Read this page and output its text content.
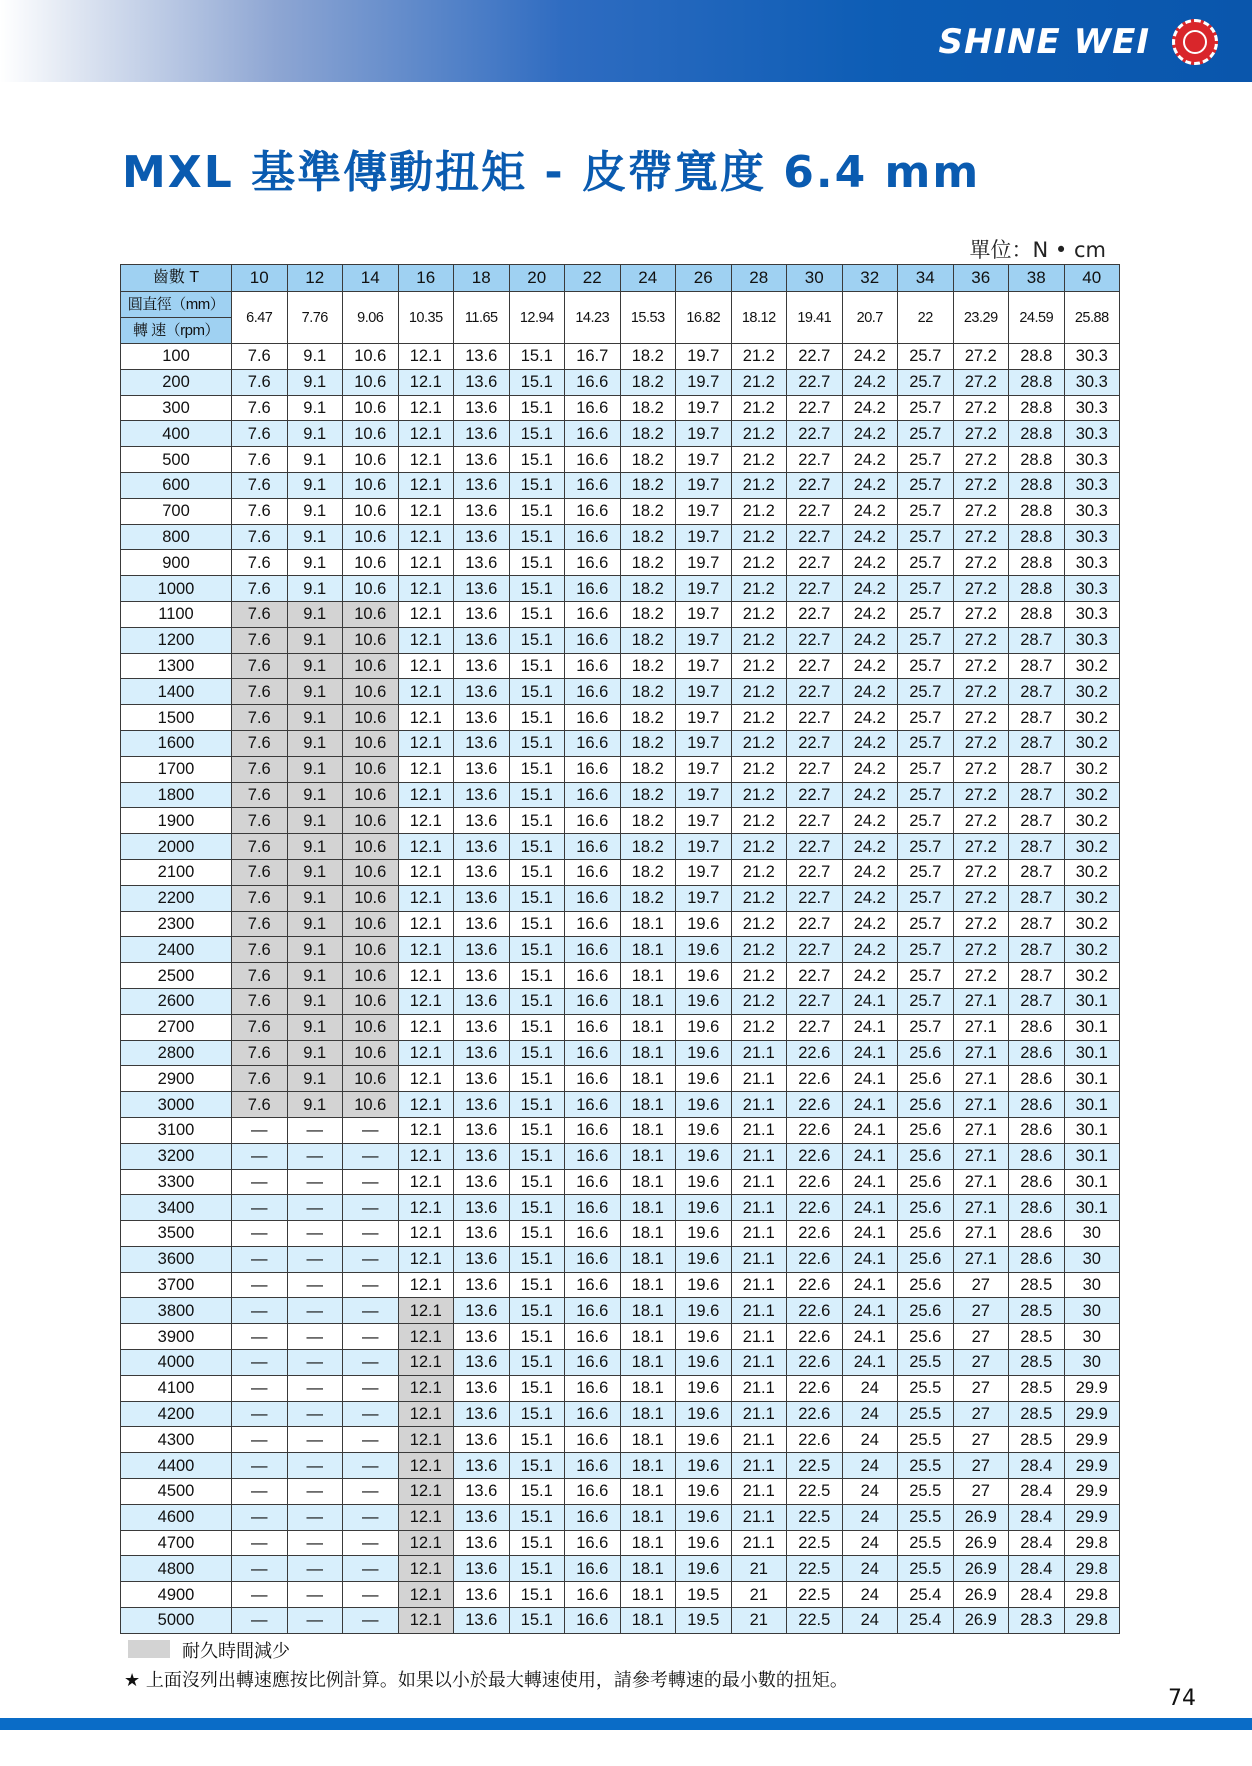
SHINE WEI
MXL 基準傳動扭矩 - 皮帶寬度 6.4 mm
單位：N • cm
齒數 T	10	12	14	16	18	20	22	24	26	28	30	32	34	36	38	40

圓直徑（mm）
轉 速（rpm）	6.47	7.76	9.06	10.35	11.65	12.94	14.23	15.53	16.82	18.12	19.41	20.7	22	23.29	24.59	25.88
100	7.6	9.1	10.6	12.1	13.6	15.1	16.7	18.2	19.7	21.2	22.7	24.2	25.7	27.2	28.8	30.3
200	7.6	9.1	10.6	12.1	13.6	15.1	16.6	18.2	19.7	21.2	22.7	24.2	25.7	27.2	28.8	30.3
300	7.6	9.1	10.6	12.1	13.6	15.1	16.6	18.2	19.7	21.2	22.7	24.2	25.7	27.2	28.8	30.3
400	7.6	9.1	10.6	12.1	13.6	15.1	16.6	18.2	19.7	21.2	22.7	24.2	25.7	27.2	28.8	30.3
500	7.6	9.1	10.6	12.1	13.6	15.1	16.6	18.2	19.7	21.2	22.7	24.2	25.7	27.2	28.8	30.3
600	7.6	9.1	10.6	12.1	13.6	15.1	16.6	18.2	19.7	21.2	22.7	24.2	25.7	27.2	28.8	30.3
700	7.6	9.1	10.6	12.1	13.6	15.1	16.6	18.2	19.7	21.2	22.7	24.2	25.7	27.2	28.8	30.3
800	7.6	9.1	10.6	12.1	13.6	15.1	16.6	18.2	19.7	21.2	22.7	24.2	25.7	27.2	28.8	30.3
900	7.6	9.1	10.6	12.1	13.6	15.1	16.6	18.2	19.7	21.2	22.7	24.2	25.7	27.2	28.8	30.3
1000	7.6	9.1	10.6	12.1	13.6	15.1	16.6	18.2	19.7	21.2	22.7	24.2	25.7	27.2	28.8	30.3
1100	7.6	9.1	10.6	12.1	13.6	15.1	16.6	18.2	19.7	21.2	22.7	24.2	25.7	27.2	28.8	30.3
1200	7.6	9.1	10.6	12.1	13.6	15.1	16.6	18.2	19.7	21.2	22.7	24.2	25.7	27.2	28.7	30.3
1300	7.6	9.1	10.6	12.1	13.6	15.1	16.6	18.2	19.7	21.2	22.7	24.2	25.7	27.2	28.7	30.2
1400	7.6	9.1	10.6	12.1	13.6	15.1	16.6	18.2	19.7	21.2	22.7	24.2	25.7	27.2	28.7	30.2
1500	7.6	9.1	10.6	12.1	13.6	15.1	16.6	18.2	19.7	21.2	22.7	24.2	25.7	27.2	28.7	30.2
1600	7.6	9.1	10.6	12.1	13.6	15.1	16.6	18.2	19.7	21.2	22.7	24.2	25.7	27.2	28.7	30.2
1700	7.6	9.1	10.6	12.1	13.6	15.1	16.6	18.2	19.7	21.2	22.7	24.2	25.7	27.2	28.7	30.2
1800	7.6	9.1	10.6	12.1	13.6	15.1	16.6	18.2	19.7	21.2	22.7	24.2	25.7	27.2	28.7	30.2
1900	7.6	9.1	10.6	12.1	13.6	15.1	16.6	18.2	19.7	21.2	22.7	24.2	25.7	27.2	28.7	30.2
2000	7.6	9.1	10.6	12.1	13.6	15.1	16.6	18.2	19.7	21.2	22.7	24.2	25.7	27.2	28.7	30.2
2100	7.6	9.1	10.6	12.1	13.6	15.1	16.6	18.2	19.7	21.2	22.7	24.2	25.7	27.2	28.7	30.2
2200	7.6	9.1	10.6	12.1	13.6	15.1	16.6	18.2	19.7	21.2	22.7	24.2	25.7	27.2	28.7	30.2
2300	7.6	9.1	10.6	12.1	13.6	15.1	16.6	18.1	19.6	21.2	22.7	24.2	25.7	27.2	28.7	30.2
2400	7.6	9.1	10.6	12.1	13.6	15.1	16.6	18.1	19.6	21.2	22.7	24.2	25.7	27.2	28.7	30.2
2500	7.6	9.1	10.6	12.1	13.6	15.1	16.6	18.1	19.6	21.2	22.7	24.2	25.7	27.2	28.7	30.2
2600	7.6	9.1	10.6	12.1	13.6	15.1	16.6	18.1	19.6	21.2	22.7	24.1	25.7	27.1	28.7	30.1
2700	7.6	9.1	10.6	12.1	13.6	15.1	16.6	18.1	19.6	21.2	22.7	24.1	25.7	27.1	28.6	30.1
2800	7.6	9.1	10.6	12.1	13.6	15.1	16.6	18.1	19.6	21.1	22.6	24.1	25.6	27.1	28.6	30.1
2900	7.6	9.1	10.6	12.1	13.6	15.1	16.6	18.1	19.6	21.1	22.6	24.1	25.6	27.1	28.6	30.1
3000	7.6	9.1	10.6	12.1	13.6	15.1	16.6	18.1	19.6	21.1	22.6	24.1	25.6	27.1	28.6	30.1
3100	—	—	—	12.1	13.6	15.1	16.6	18.1	19.6	21.1	22.6	24.1	25.6	27.1	28.6	30.1
3200	—	—	—	12.1	13.6	15.1	16.6	18.1	19.6	21.1	22.6	24.1	25.6	27.1	28.6	30.1
3300	—	—	—	12.1	13.6	15.1	16.6	18.1	19.6	21.1	22.6	24.1	25.6	27.1	28.6	30.1
3400	—	—	—	12.1	13.6	15.1	16.6	18.1	19.6	21.1	22.6	24.1	25.6	27.1	28.6	30.1
3500	—	—	—	12.1	13.6	15.1	16.6	18.1	19.6	21.1	22.6	24.1	25.6	27.1	28.6	30
3600	—	—	—	12.1	13.6	15.1	16.6	18.1	19.6	21.1	22.6	24.1	25.6	27.1	28.6	30
3700	—	—	—	12.1	13.6	15.1	16.6	18.1	19.6	21.1	22.6	24.1	25.6	27	28.5	30
3800	—	—	—	12.1	13.6	15.1	16.6	18.1	19.6	21.1	22.6	24.1	25.6	27	28.5	30
3900	—	—	—	12.1	13.6	15.1	16.6	18.1	19.6	21.1	22.6	24.1	25.6	27	28.5	30
4000	—	—	—	12.1	13.6	15.1	16.6	18.1	19.6	21.1	22.6	24.1	25.5	27	28.5	30
4100	—	—	—	12.1	13.6	15.1	16.6	18.1	19.6	21.1	22.6	24	25.5	27	28.5	29.9
4200	—	—	—	12.1	13.6	15.1	16.6	18.1	19.6	21.1	22.6	24	25.5	27	28.5	29.9
4300	—	—	—	12.1	13.6	15.1	16.6	18.1	19.6	21.1	22.6	24	25.5	27	28.5	29.9
4400	—	—	—	12.1	13.6	15.1	16.6	18.1	19.6	21.1	22.5	24	25.5	27	28.4	29.9
4500	—	—	—	12.1	13.6	15.1	16.6	18.1	19.6	21.1	22.5	24	25.5	27	28.4	29.9
4600	—	—	—	12.1	13.6	15.1	16.6	18.1	19.6	21.1	22.5	24	25.5	26.9	28.4	29.9
4700	—	—	—	12.1	13.6	15.1	16.6	18.1	19.6	21.1	22.5	24	25.5	26.9	28.4	29.8
4800	—	—	—	12.1	13.6	15.1	16.6	18.1	19.6	21	22.5	24	25.5	26.9	28.4	29.8
4900	—	—	—	12.1	13.6	15.1	16.6	18.1	19.5	21	22.5	24	25.4	26.9	28.4	29.8
5000	—	—	—	12.1	13.6	15.1	16.6	18.1	19.5	21	22.5	24	25.4	26.9	28.3	29.8
耐久時間減少
★ 上面沒列出轉速應按比例計算。如果以小於最大轉速使用，請參考轉速的最小數的扭矩。
74
